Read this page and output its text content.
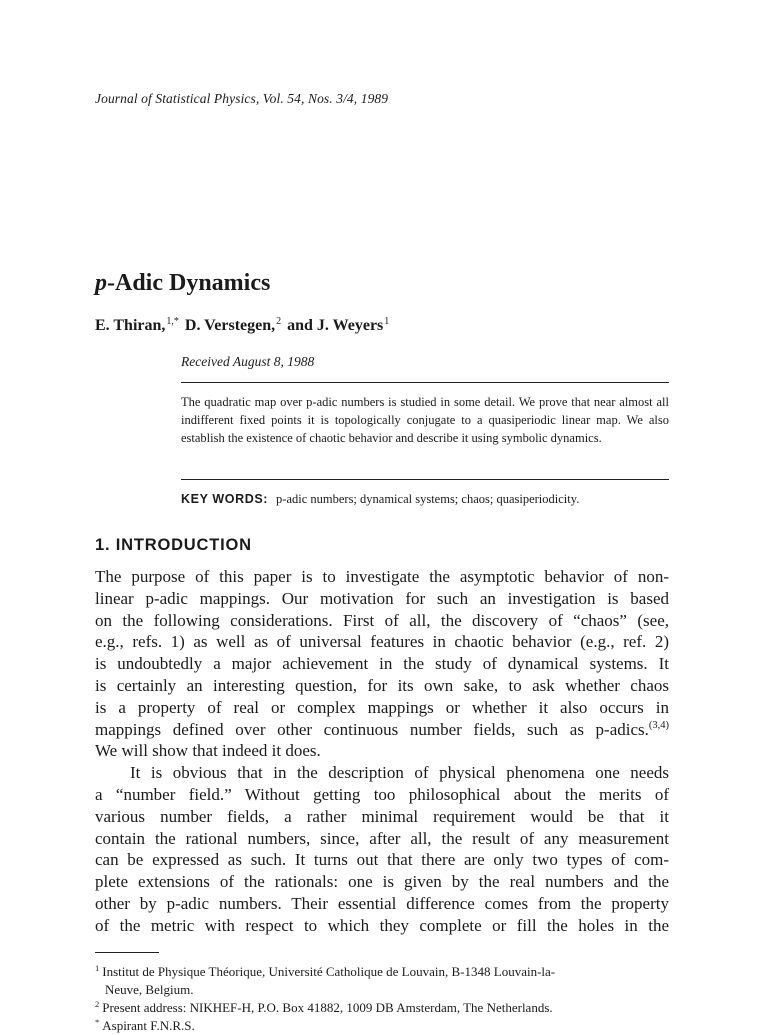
Journal of Statistical Physics, Vol. 54, Nos. 3/4, 1989
p-Adic Dynamics
E. Thiran,$^{1,*}$ D. Verstegen,$^2$ and J. Weyers$^1$
Received August 8, 1988
The quadratic map over p-adic numbers is studied in some detail. We prove that near almost all indifferent fixed points it is topologically conjugate to a quasiperiodic linear map. We also establish the existence of chaotic behavior and describe it using symbolic dynamics.
KEY WORDS: p-adic numbers; dynamical systems; chaos; quasiperiodicity.
1. INTRODUCTION
The purpose of this paper is to investigate the asymptotic behavior of non-
linear p-adic mappings. Our motivation for such an investigation is based
on the following considerations. First of all, the discovery of “chaos” (see,
e.g., refs. 1) as well as of universal features in chaotic behavior (e.g., ref. 2)
is undoubtedly a major achievement in the study of dynamical systems. It
is certainly an interesting question, for its own sake, to ask whether chaos
is a property of real or complex mappings or whether it also occurs in
mappings defined over other continuous number fields, such as p-adics.$^{(3,4)}$
We will show that indeed it does.
It is obvious that in the description of physical phenomena one needs
a “number field.” Without getting too philosophical about the merits of
various number fields, a rather minimal requirement would be that it
contain the rational numbers, since, after all, the result of any measurement
can be expressed as such. It turns out that there are only two types of com-
plete extensions of the rationals: one is given by the real numbers and the
other by p-adic numbers. Their essential difference comes from the property
of the metric with respect to which they complete or fill the holes in the
$^1$ Institut de Physique Théorique, Université Catholique de Louvain, B-1348 Louvain-la-
Neuve, Belgium.
$^2$ Present address: NIKHEF-H, P.O. Box 41882, 1009 DB Amsterdam, The Netherlands.
* Aspirant F.N.R.S.
